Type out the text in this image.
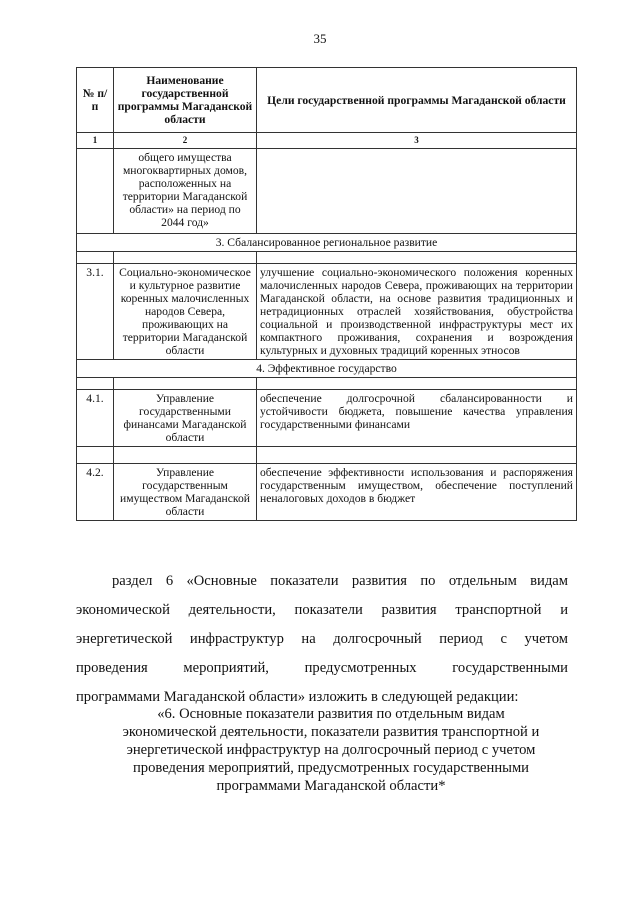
35
№ п/п	Наименование государственной программы Магаданской области	Цели государственной программы Магаданской области
1	2	3
	общего имущества многоквартирных домов, расположенных на территории Магаданской области» на период по 2044 год»	
3. Сбалансированное региональное развитие		

3.1.	Социально-экономическое и культурное развитие коренных малочисленных народов Севера, проживающих на территории Магаданской области	улучшение социально-экономического положения коренных малочисленных народов Севера, проживающих на территории Магаданской области, на основе развития традиционных и нетрадиционных отраслей хозяйствования, обустройства социальной и производственной инфраструктуры мест их компактного проживания, сохранения и возрождения культурных и духовных традиций коренных этносов
4. Эффективное государство		

4.1.	Управление государственными финансами Магаданской области	обеспечение долгосрочной сбалансированности и устойчивости бюджета, повышение качества управления государственными финансами

4.2.	Управление государственным имуществом Магаданской области	обеспечение эффективности использования и распоряжения государственным имуществом, обеспечение поступлений неналоговых доходов в бюджет
раздел 6 «Основные показатели развития по отдельным видам
экономической деятельности, показатели развития транспортной и
энергетической инфраструктур на долгосрочный период с учетом
проведения мероприятий, предусмотренных государственными
программами Магаданской области» изложить в следующей редакции:
«6. Основные показатели развития по отдельным видам
экономической деятельности, показатели развития транспортной и
энергетической инфраструктур на долгосрочный период с учетом
проведения мероприятий, предусмотренных государственными
программами Магаданской области*
